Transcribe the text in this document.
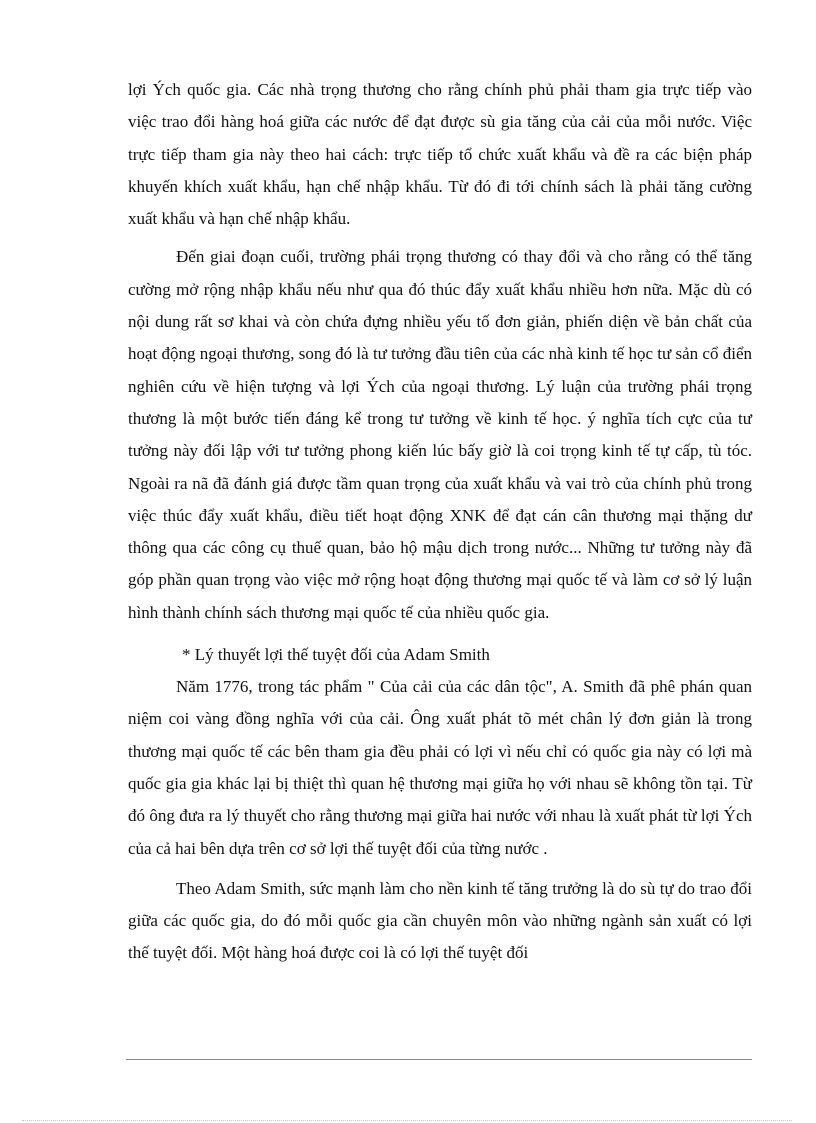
lợi Ých quốc gia. Các nhà trọng thương cho rằng chính phủ phải tham gia trực tiếp vào việc trao đổi hàng hoá giữa các nước để đạt được sù gia tăng của cải của mỗi nước. Việc trực tiếp tham gia này theo hai cách: trực tiếp tổ chức xuất khẩu và đề ra các biện pháp khuyến khích xuất khẩu, hạn chế nhập khẩu. Từ đó đi tới chính sách là phải tăng cường xuất khẩu và hạn chế nhập khẩu.

Đến giai đoạn cuối, trường phái trọng thương có thay đổi và cho rằng có thể tăng cường mở rộng nhập khẩu nếu như qua đó thúc đẩy xuất khẩu nhiều hơn nữa. Mặc dù có nội dung rất sơ khai và còn chứa đựng nhiều yếu tố đơn giản, phiến diện về bản chất của hoạt động ngoại thương, song đó là tư tưởng đầu tiên của các nhà kinh tế học tư sản cổ điển nghiên cứu về hiện tượng và lợi Ých của ngoại thương. Lý luận của trường phái trọng thương là một bước tiến đáng kể trong tư tưởng về kinh tế học. ý nghĩa tích cực của tư tưởng này đối lập với tư tưởng phong kiến lúc bấy giờ là coi trọng kinh tế tự cấp, tù tóc. Ngoài ra nã đã đánh giá được tầm quan trọng của xuất khẩu và vai trò của chính phủ trong việc thúc đẩy xuất khẩu, điều tiết hoạt động XNK để đạt cán cân thương mại thặng dư thông qua các công cụ thuế quan, bảo hộ mậu dịch trong nước... Những tư tưởng này đã góp phần quan trọng vào việc mở rộng hoạt động thương mại quốc tế và làm cơ sở lý luận hình thành chính sách thương mại quốc tế của nhiều quốc gia.

* Lý thuyết lợi thế tuyệt đối của Adam Smith

Năm 1776, trong tác phẩm " Của cải của các dân tộc", A. Smith đã phê phán quan niệm coi vàng đồng nghĩa với của cải. Ông xuất phát tõ mét chân lý đơn giản là trong thương mại quốc tế các bên tham gia đều phải có lợi vì nếu chỉ có quốc gia này có lợi mà quốc gia gia khác lại bị thiệt thì quan hệ thương mại giữa họ với nhau sẽ không tồn tại. Từ đó ông đưa ra lý thuyết cho rằng thương mại giữa hai nước với nhau là xuất phát từ lợi Ých của cả hai bên dựa trên cơ sở lợi thế tuyệt đối của từng nước .

Theo Adam Smith, sức mạnh làm cho nền kinh tế tăng trưởng là do sù tự do trao đổi giữa các quốc gia, do đó mỗi quốc gia cần chuyên môn vào những ngành sản xuất có lợi thế tuyệt đối. Một hàng hoá được coi là có lợi thế tuyệt đối
